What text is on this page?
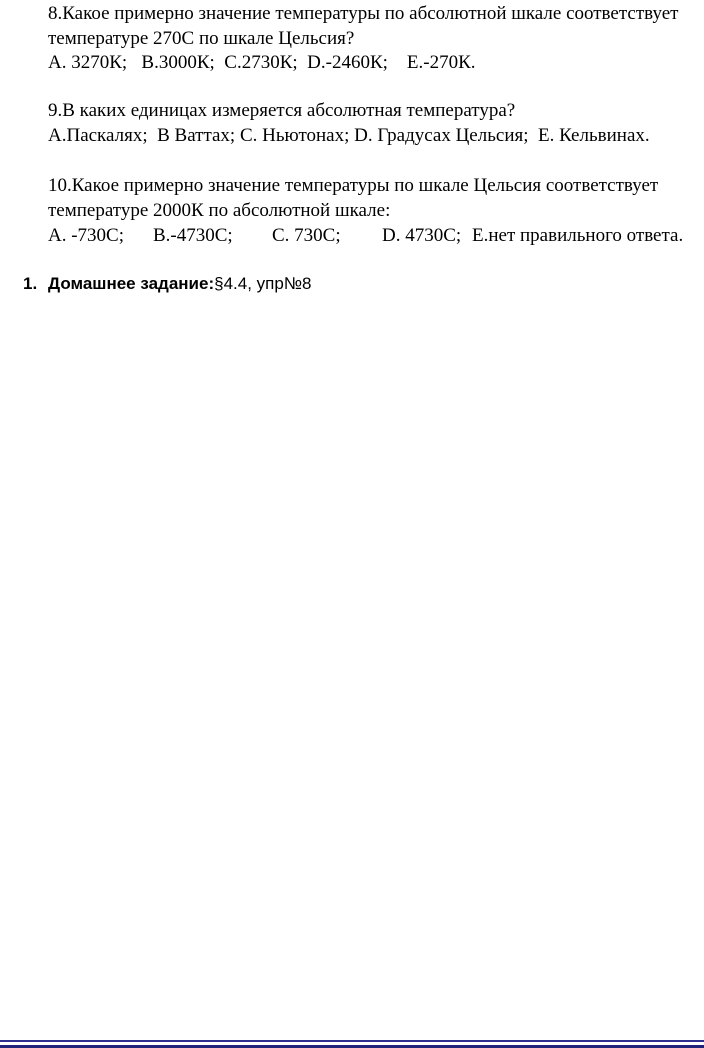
8.Какое примерно значение температуры по абсолютной шкале соответствует
температуре 270С по шкале Цельсия?
А. 3270К;   В.3000К;  С.2730К;  D.-2460К;    Е.-270К.
9.В каких единицах измеряется абсолютная температура?
А.Паскалях;  В Ваттах; С. Ньютонах; D. Градусах Цельсия;  Е. Кельвинах.
10.Какое примерно значение температуры по шкале Цельсия соответствует
температуре 2000К по абсолютной шкале:
А. -730С; В.-4730С; С. 730С; D. 4730С; Е.нет правильного ответа.
1. Домашнее задание:§4.4, упр№8
